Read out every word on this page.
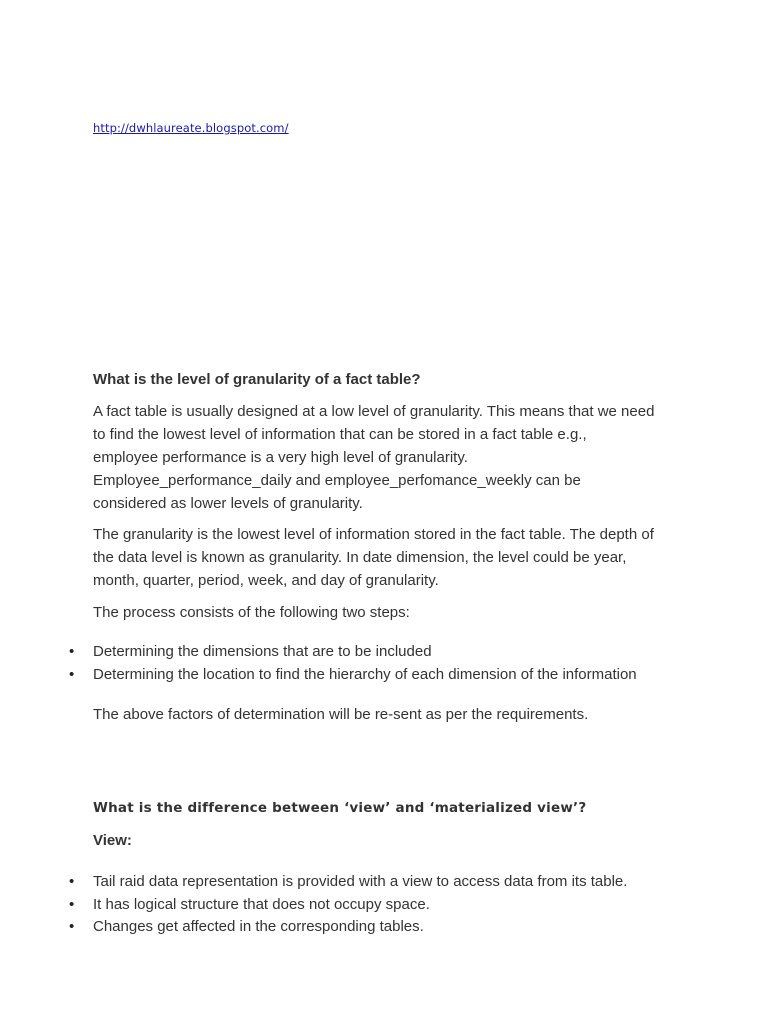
http://dwhlaureate.blogspot.com/

What is the level of granularity of a fact table?

A fact table is usually designed at a low level of granularity. This means that we need
to find the lowest level of information that can be stored in a fact table e.g.,
employee performance is a very high level of granularity.
Employee_performance_daily and employee_perfomance_weekly can be
considered as lower levels of granularity.

The granularity is the lowest level of information stored in the fact table. The depth of
the data level is known as granularity. In date dimension, the level could be year,
month, quarter, period, week, and day of granularity.

The process consists of the following two steps:

• Determining the dimensions that are to be included
• Determining the location to find the hierarchy of each dimension of the information

The above factors of determination will be re-sent as per the requirements.

What is the difference between ‘view’ and ‘materialized view’?

View:

• Tail raid data representation is provided with a view to access data from its table.
• It has logical structure that does not occupy space.
• Changes get affected in the corresponding tables.
